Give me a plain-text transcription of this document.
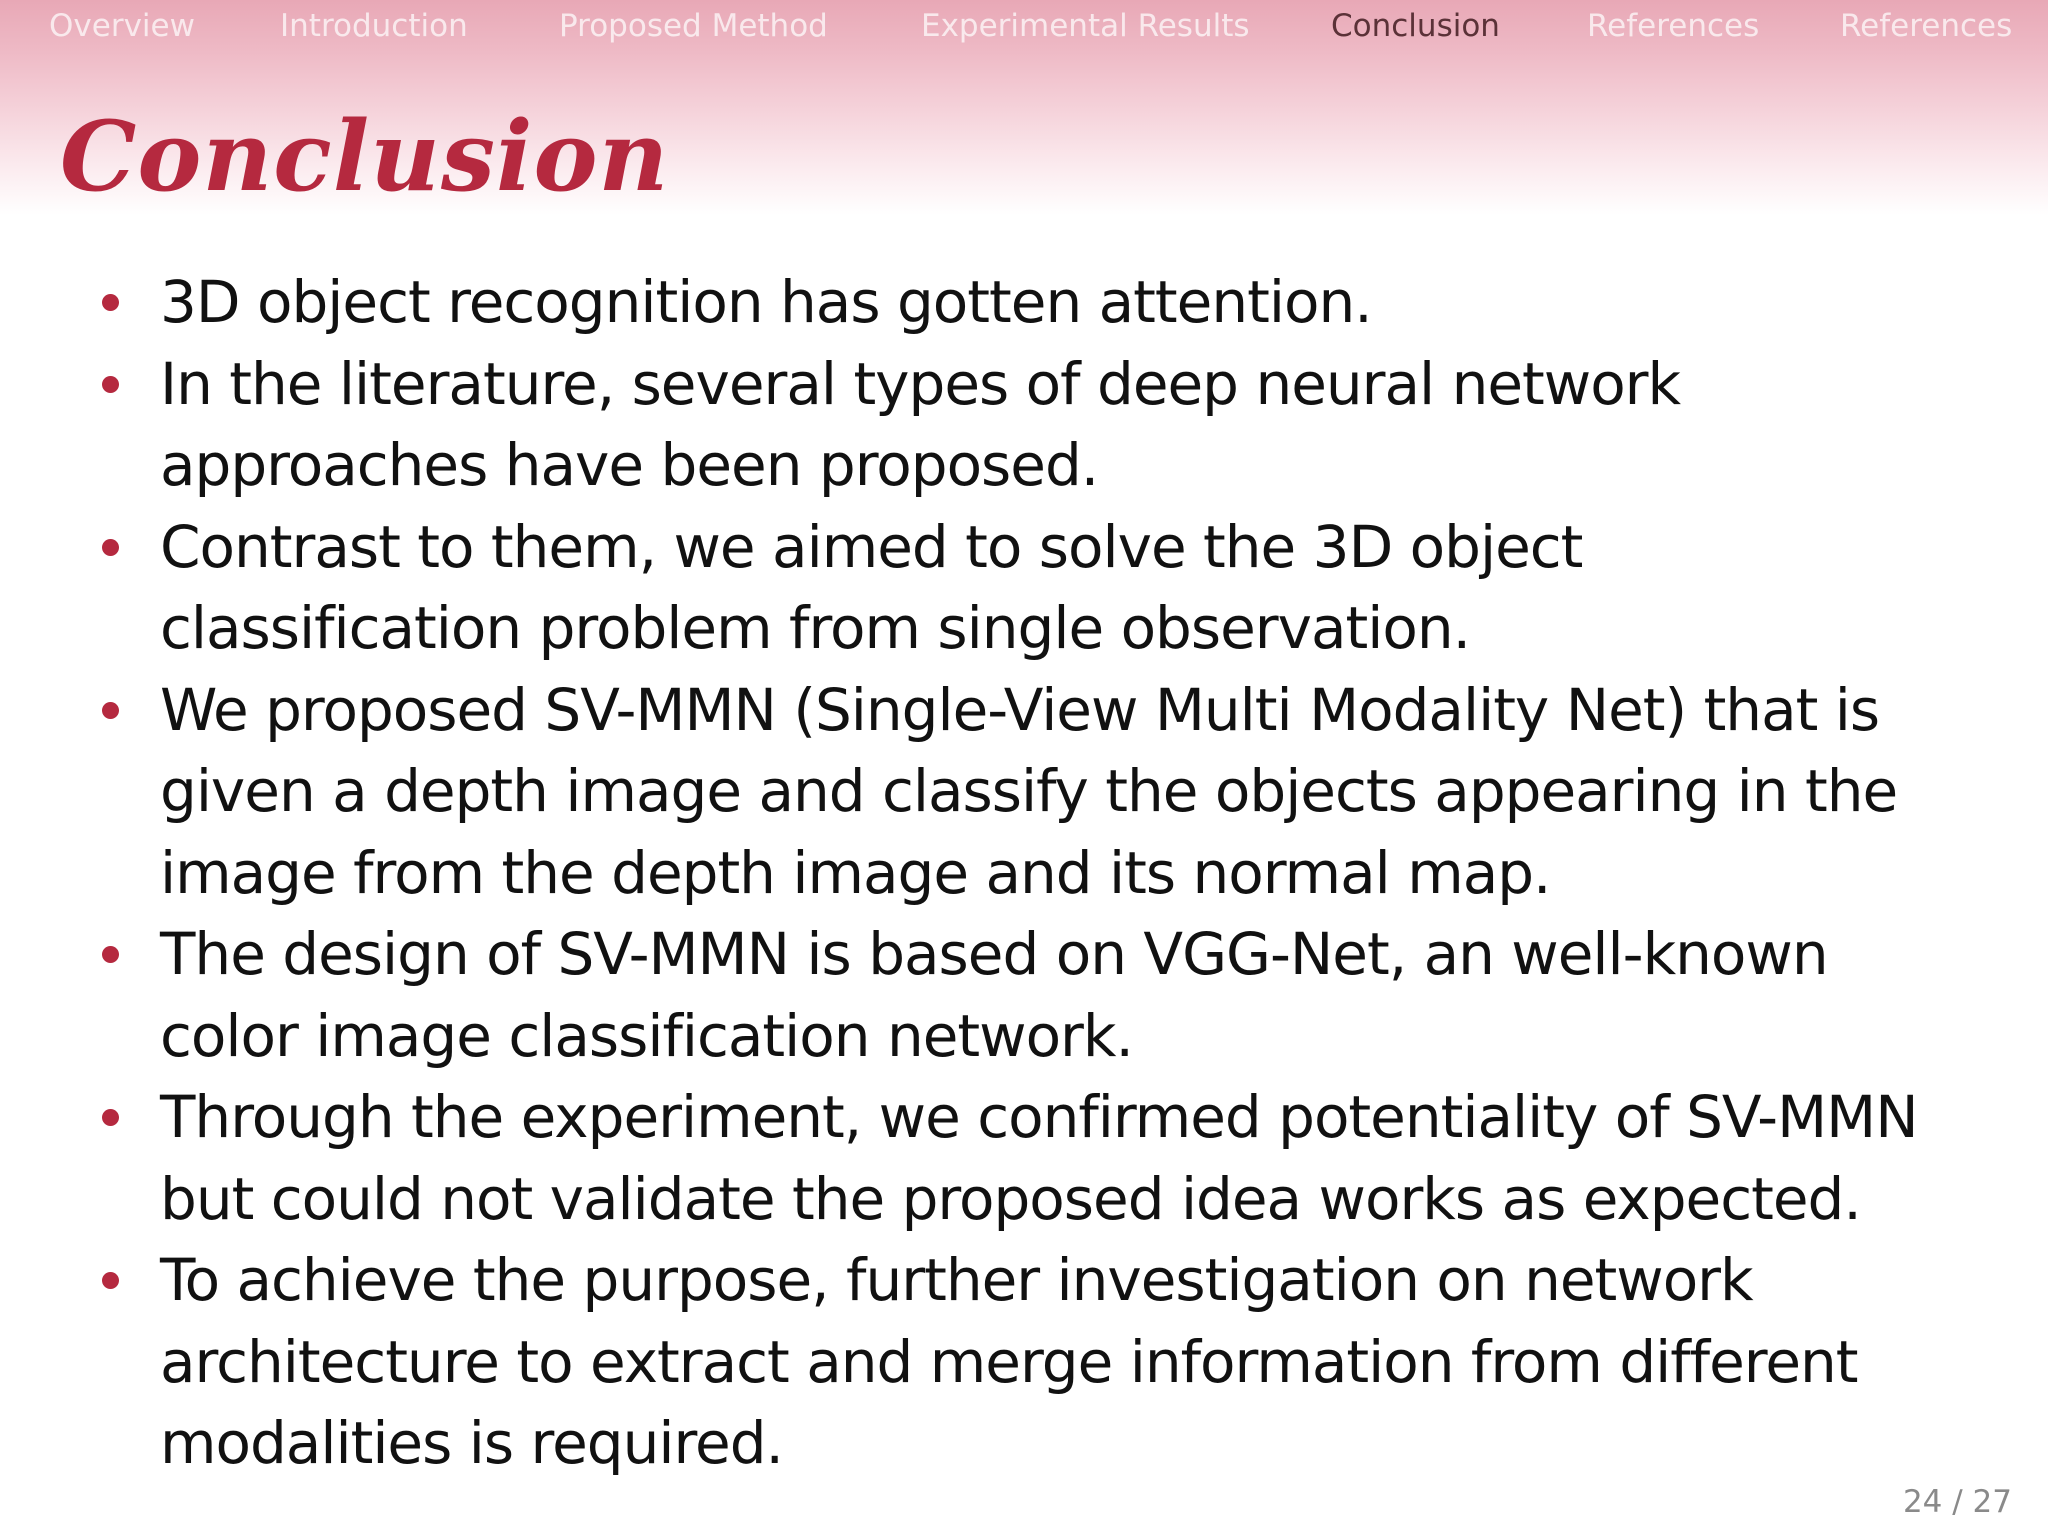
Overview	Introduction	Proposed Method	Experimental Results	Conclusion	References	References
Conclusion
3D object recognition has gotten attention.
In the literature, several types of deep neural network approaches have been proposed.
Contrast to them, we aimed to solve the 3D object classification problem from single observation.
We proposed SV-MMN (Single-View Multi Modality Net) that is given a depth image and classify the objects appearing in the image from the depth image and its normal map.
The design of SV-MMN is based on VGG-Net, an well-known color image classification network.
Through the experiment, we confirmed potentiality of SV-MMN but could not validate the proposed idea works as expected.
To achieve the purpose, further investigation on network architecture to extract and merge information from different modalities is required.
24 / 27
